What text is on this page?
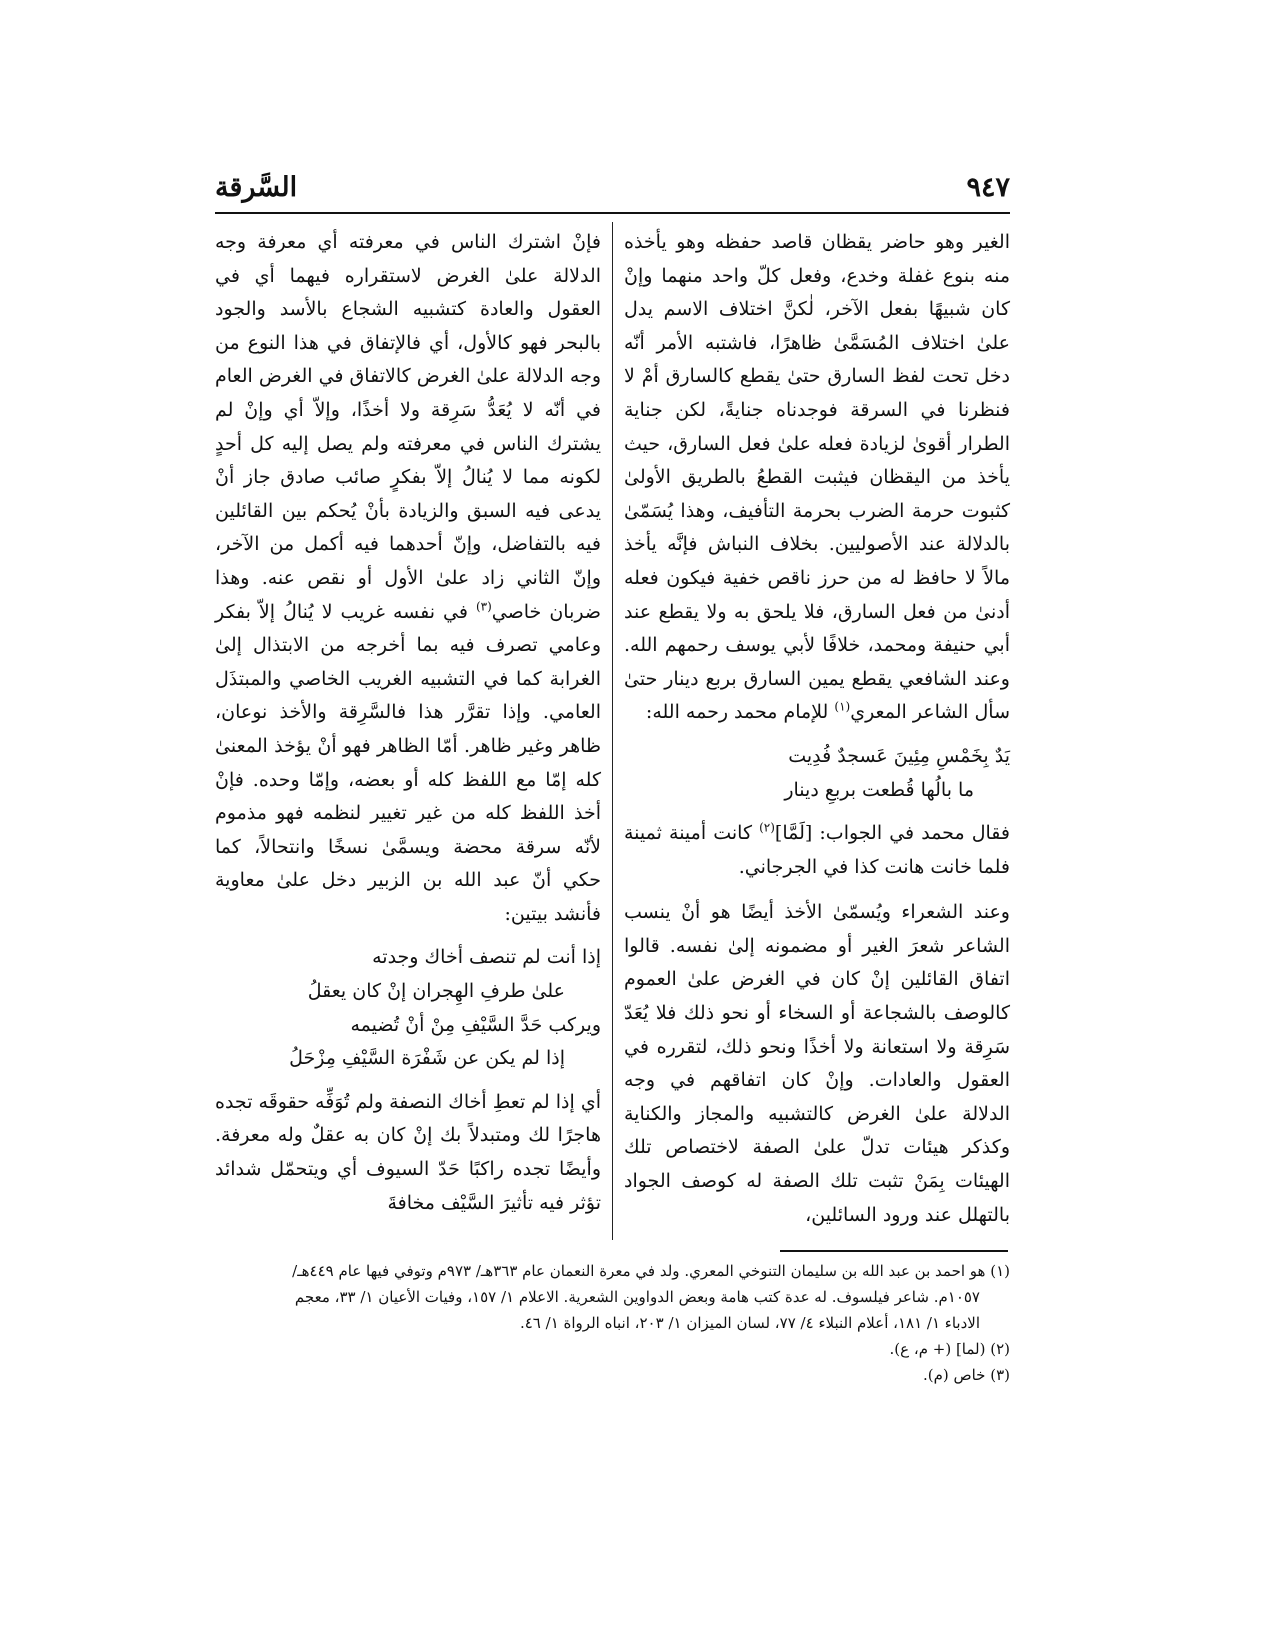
٩٤٧
السَّرقة

الغير وهو حاضر يقظان قاصد حفظه وهو يأخذه منه بنوع غفلة وخدع، وفعل كلّ واحد منهما وإنْ كان شبيهًا بفعل الآخر، لٰكنَّ اختلاف الاسم يدل علىٰ اختلاف المُسَمَّىٰ ظاهرًا، فاشتبه الأمر أنّه دخل تحت لفظ السارق حتىٰ يقطع كالسارق أمْ لا فنظرنا في السرقة فوجدناه جنايةً، لكن جناية الطرار أقوىٰ لزيادة فعله علىٰ فعل السارق، حيث يأخذ من اليقظان فيثبت القطعُ بالطريق الأولىٰ كثبوت حرمة الضرب بحرمة التأفيف، وهذا يُسَمّىٰ بالدلالة عند الأصوليين. بخلاف النباش فإنَّه يأخذ مالاً لا حافظ له من حرز ناقص خفية فيكون فعله أدنىٰ من فعل السارق، فلا يلحق به ولا يقطع عند أبي حنيفة ومحمد، خلافًا لأبي يوسف رحمهم الله. وعند الشافعي يقطع يمين السارق بربع دينار حتىٰ سأل الشاعر المعري$^{(١)}$ للإمام محمد رحمه الله:

يَدٌ بِخَمْسِ مِئِينَ عَسجدٌ فُدِيت
ما بالُها قُطعت بربعِ دينار

فقال محمد في الجواب: [لَمَّا]$^{(٢)}$ كانت أمينة ثمينة فلما خانت هانت كذا في الجرجاني.

وعند الشعراء ويُسمّىٰ الأخذ أيضًا هو أنْ ينسب الشاعر شعرَ الغير أو مضمونه إلىٰ نفسه. قالوا اتفاق القائلين إنْ كان في الغرض علىٰ العموم كالوصف بالشجاعة أو السخاء أو نحو ذلك فلا يُعَدّ سَرِقة ولا استعانة ولا أخذًا ونحو ذلك، لتقرره في العقول والعادات. وإنْ كان اتفاقهم في وجه الدلالة علىٰ الغرض كالتشبيه والمجاز والكناية وكذكر هيئات تدلّ علىٰ الصفة لاختصاص تلك الهيئات بِمَنْ تثبت تلك الصفة له كوصف الجواد بالتهلل عند ورود السائلين،

فإنْ اشترك الناس في معرفته أي معرفة وجه الدلالة علىٰ الغرض لاستقراره فيهما أي في العقول والعادة كتشبيه الشجاع بالأسد والجود بالبحر فهو كالأول، أي فالإتفاق في هذا النوع من وجه الدلالة علىٰ الغرض كالاتفاق في الغرض العام في أنّه لا يُعَدُّ سَرِقة ولا أخذًا، وإلاّ أي وإنْ لم يشترك الناس في معرفته ولم يصل إليه كل أحدٍ لكونه مما لا يُنالُ إلاّ بفكرٍ صائب صادق جاز أنْ يدعى فيه السبق والزيادة بأنْ يُحكم بين القائلين فيه بالتفاضل، وإنّ أحدهما فيه أكمل من الآخر، وإنّ الثاني زاد علىٰ الأول أو نقص عنه. وهذا ضربان خاصي$^{(٣)}$ في نفسه غريب لا يُنالُ إلاّ بفكر وعامي تصرف فيه بما أخرجه من الابتذال إلىٰ الغرابة كما في التشبيه الغريب الخاصي والمبتذَل العامي. وإذا تقرَّر هذا فالسَّرِقة والأخذ نوعان، ظاهر وغير ظاهر. أمّا الظاهر فهو أنْ يؤخذ المعنىٰ كله إمّا مع اللفظ كله أو بعضه، وإمّا وحده. فإنْ أخذ اللفظ كله من غير تغيير لنظمه فهو مذموم لأنّه سرقة محضة ويسمَّىٰ نسخًا وانتحالاً، كما حكي أنّ عبد الله بن الزبير دخل علىٰ معاوية فأنشد بيتين:

إذا أنت لم تنصف أخاك وجدته
علىٰ طرفِ الهِجران إنْ كان يعقلُ
ويركب حَدَّ السَّيْفِ مِنْ أنْ تُضيمه
إذا لم يكن عن شَفْرَة السَّيْفِ مِزْحَلُ

أي إذا لم تعطِ أخاك النصفة ولم تُوَفِّه حقوقَه تجده هاجرًا لك ومتبدلاً بك إنْ كان به عقلٌ وله معرفة. وأيضًا تجده راكبًا حَدّ السيوف أي ويتحمّل شدائد تؤثر فيه تأثيرَ السَّيْف مخافةَ

(١) هو احمد بن عبد الله بن سليمان التنوخي المعري. ولد في معرة النعمان عام ٣٦٣هـ/ ٩٧٣م وتوفي فيها عام ٤٤٩هـ/
١٠٥٧م. شاعر فيلسوف. له عدة كتب هامة وبعض الدواوين الشعرية. الاعلام ١/ ١٥٧، وفيات الأعيان ١/ ٣٣، معجم
الادباء ١/ ١٨١، أعلام النبلاء ٤/ ٧٧، لسان الميزان ١/ ٢٠٣، انباه الرواة ١/ ٤٦.

(٢) (لما] (+ م، ع).

(٣) خاص (م).
